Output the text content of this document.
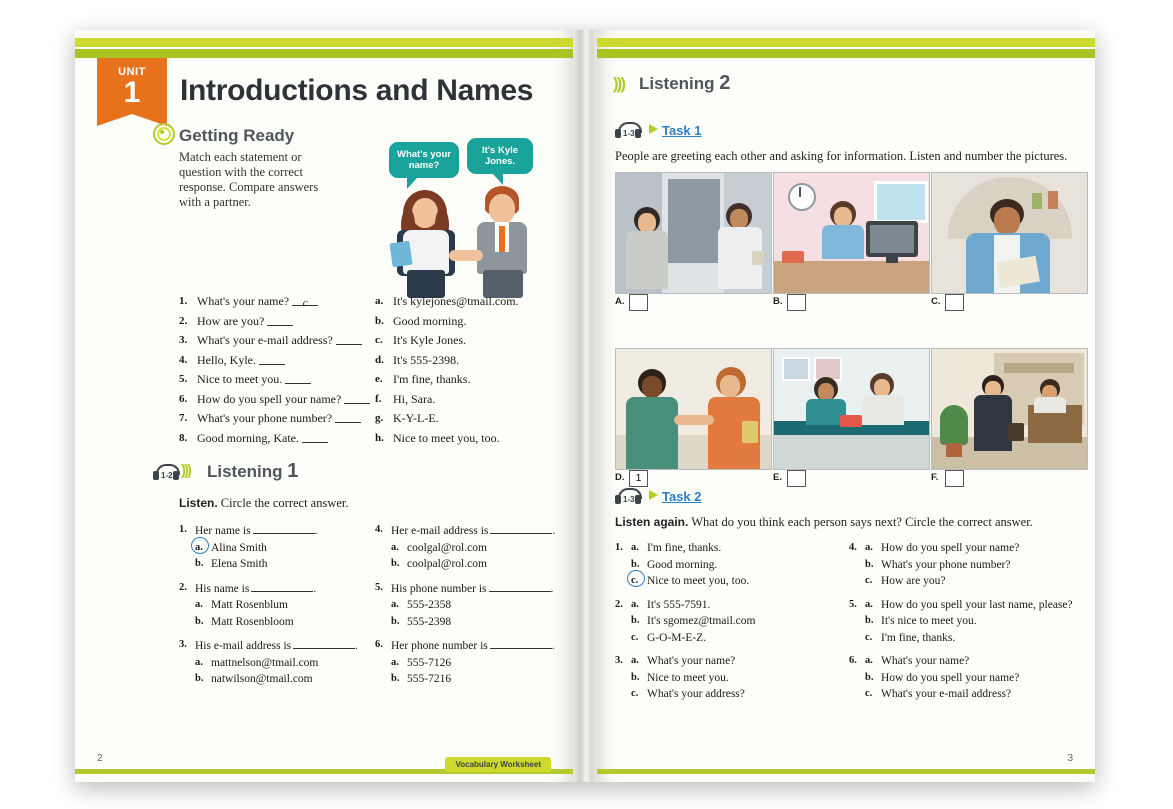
UNIT
1	Introductions and Names
Getting Ready
Match each statement or question with the correct response. Compare answers with a partner.
What's your name?
It's Kyle Jones.
1. What's your name? c
2. How are you?
3. What's your e-mail address?
4. Hello, Kyle.
5. Nice to meet you.
6. How do you spell your name?
7. What's your phone number?
8. Good morning, Kate.
a. It's kylejones@tmail.com.
b. Good morning.
c. It's Kyle Jones.
d. It's 555-2398.
e. I'm fine, thanks.
f. Hi, Sara.
g. K-Y-L-E.
h. Nice to meet you, too.
1-2 ))) Listening 1
Listen. Circle the correct answer.
1. Her name is	.
a. Alina Smith
b. Elena Smith
2. His name is	.
a. Matt Rosenblum
b. Matt Rosenbloom
3. His e-mail address is	.
a. mattnelson@tmail.com
b. natwilson@tmail.com
4. Her e-mail address is	.
a. coolgal@rol.com
b. coolpal@rol.com
5. His phone number is	.
a. 555-2358
b. 555-2398
6. Her phone number is	.
a. 555-7126
b. 555-7216
2
Vocabulary Worksheet
))) Listening 2
1-3	Task 1
People are greeting each other and asking for information. Listen and number the pictures.
A.	B.	C.
D.	1	E.	F.
1-3	Task 2
Listen again. What do you think each person says next? Circle the correct answer.
1. a. I'm fine, thanks.
b. Good morning.
c. Nice to meet you, too.
2. a. It's 555-7591.
b. It's sgomez@tmail.com
c. G-O-M-E-Z.
3. a. What's your name?
b. Nice to meet you.
c. What's your address?
4. a. How do you spell your name?
b. What's your phone number?
c. How are you?
5. a. How do you spell your last name, please?
b. It's nice to meet you.
c. I'm fine, thanks.
6. a. What's your name?
b. How do you spell your name?
c. What's your e-mail address?
3
